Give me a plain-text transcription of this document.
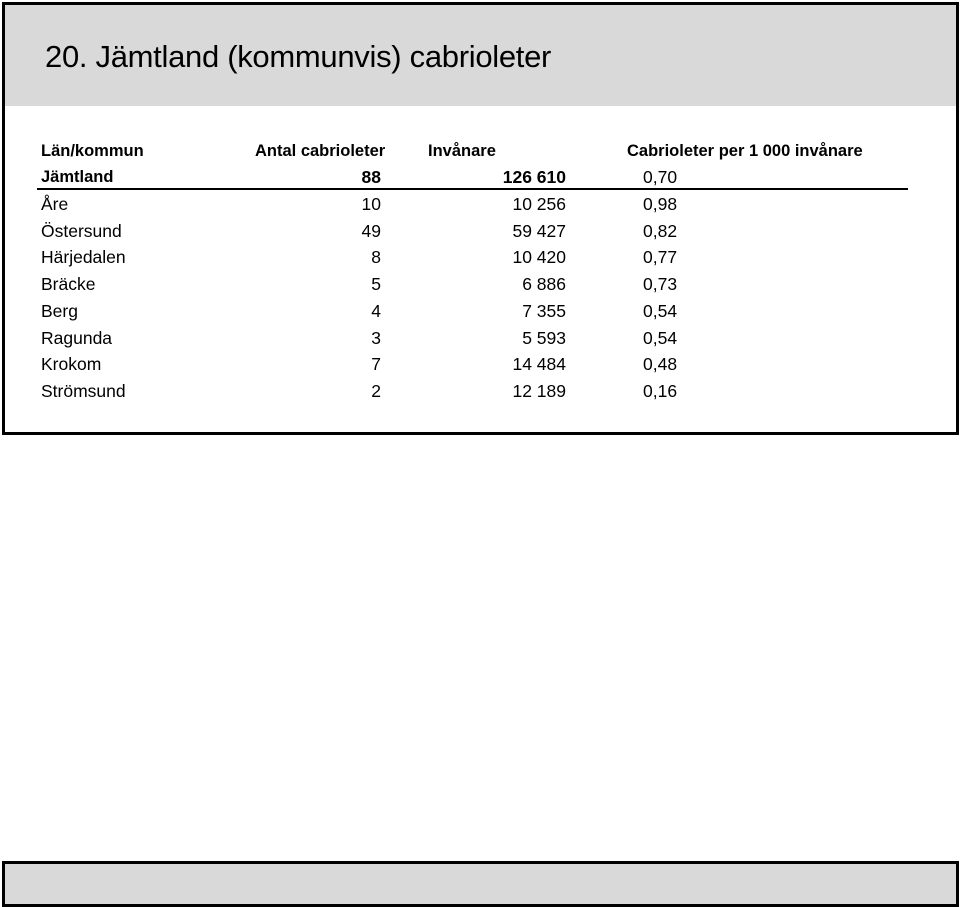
20. Jämtland (kommunvis) cabrioleter
Län/kommun	Antal cabrioleter	Invånare	Cabrioleter per 1 000 invånare
Jämtland	88	126 610	0,70
Åre	10	10 256	0,98
Östersund	49	59 427	0,82
Härjedalen	8	10 420	0,77
Bräcke	5	6 886	0,73
Berg	4	7 355	0,54
Ragunda	3	5 593	0,54
Krokom	7	14 484	0,48
Strömsund	2	12 189	0,16
